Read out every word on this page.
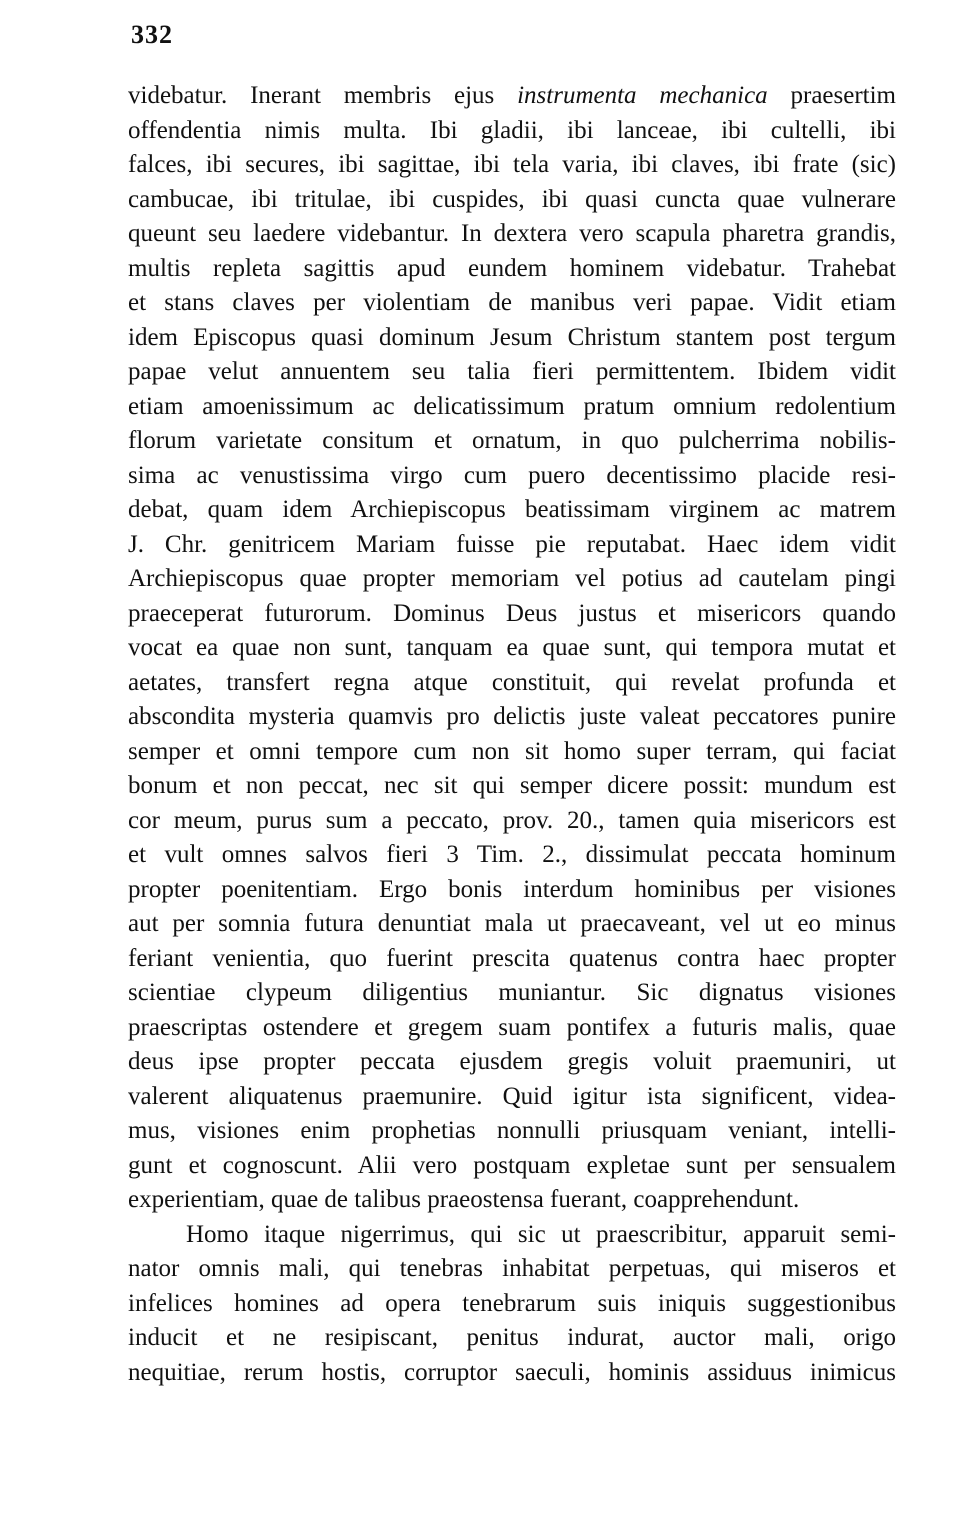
332
videbatur. Inerant membris ejus instrumenta mechanica praesertim
offendentia nimis multa. Ibi gladii, ibi lanceae, ibi cultelli, ibi
falces, ibi secures, ibi sagittae, ibi tela varia, ibi claves, ibi frate (sic)
cambucae, ibi tritulae, ibi cuspides, ibi quasi cuncta quae vulnerare
queunt seu laedere videbantur. In dextera vero scapula pharetra grandis,
multis repleta sagittis apud eundem hominem videbatur. Trahebat
et stans claves per violentiam de manibus veri papae. Vidit etiam
idem Episcopus quasi dominum Jesum Christum stantem post tergum
papae velut annuentem seu talia fieri permittentem. Ibidem vidit
etiam amoenissimum ac delicatissimum pratum omnium redolentium
florum varietate consitum et ornatum, in quo pulcherrima nobilis-
sima ac venustissima virgo cum puero decentissimo placide resi-
debat, quam idem Archiepiscopus beatissimam virginem ac matrem
J. Chr. genitricem Mariam fuisse pie reputabat. Haec idem vidit
Archiepiscopus quae propter memoriam vel potius ad cautelam pingi
praeceperat futurorum. Dominus Deus justus et misericors quando
vocat ea quae non sunt, tanquam ea quae sunt, qui tempora mutat et
aetates, transfert regna atque constituit, qui revelat profunda et
abscondita mysteria quamvis pro delictis juste valeat peccatores punire
semper et omni tempore cum non sit homo super terram, qui faciat
bonum et non peccat, nec sit qui semper dicere possit: mundum est
cor meum, purus sum a peccato, prov. 20., tamen quia misericors est
et vult omnes salvos fieri 3 Tim. 2., dissimulat peccata hominum
propter poenitentiam. Ergo bonis interdum hominibus per visiones
aut per somnia futura denuntiat mala ut praecaveant, vel ut eo minus
feriant venientia, quo fuerint prescita quatenus contra haec propter
scientiae clypeum diligentius muniantur. Sic dignatus visiones
praescriptas ostendere et gregem suam pontifex a futuris malis, quae
deus ipse propter peccata ejusdem gregis voluit praemuniri, ut
valerent aliquatenus praemunire. Quid igitur ista significent, videa-
mus, visiones enim prophetias nonnulli priusquam veniant, intelli-
gunt et cognoscunt. Alii vero postquam expletae sunt per sensualem
experientiam, quae de talibus praeostensa fuerant, coapprehendunt.
Homo itaque nigerrimus, qui sic ut praescribitur, apparuit semi-
nator omnis mali, qui tenebras inhabitat perpetuas, qui miseros et
infelices homines ad opera tenebrarum suis iniquis suggestionibus
inducit et ne resipiscant, penitus indurat, auctor mali, origo
nequitiae, rerum hostis, corruptor saeculi, hominis assiduus inimicus
